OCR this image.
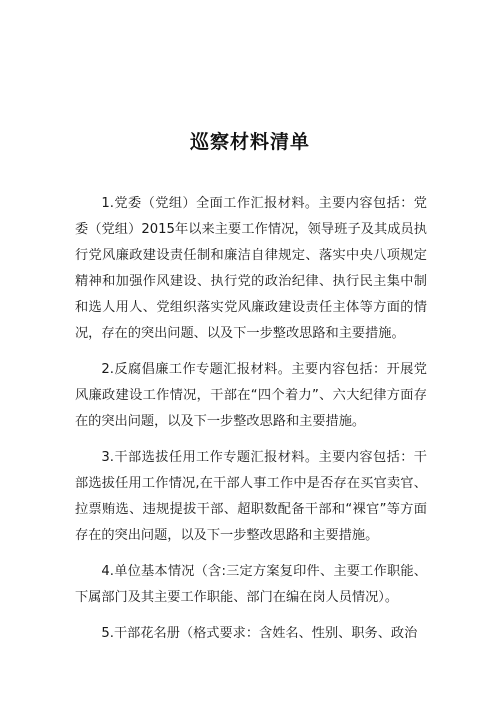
巡察材料清单

1.党委（党组）全面工作汇报材料。主要内容包括：党委（党组）2015年以来主要工作情况，领导班子及其成员执行党风廉政建设责任制和廉洁自律规定、落实中央八项规定精神和加强作风建设、执行党的政治纪律、执行民主集中制和选人用人、党组织落实党风廉政建设责任主体等方面的情况，存在的突出问题、以及下一步整改思路和主要措施。

2.反腐倡廉工作专题汇报材料。主要内容包括：开展党风廉政建设工作情况，干部在“四个着力”、六大纪律方面存在的突出问题，以及下一步整改思路和主要措施。

3.干部选拔任用工作专题汇报材料。主要内容包括：干部选拔任用工作情况,在干部人事工作中是否存在买官卖官、拉票贿选、违规提拔干部、超职数配备干部和“裸官”等方面存在的突出问题，以及下一步整改思路和主要措施。

4.单位基本情况（含:三定方案复印件、主要工作职能、下属部门及其主要工作职能、部门在编在岗人员情况）。

5.干部花名册（格式要求：含姓名、性别、职务、政治
